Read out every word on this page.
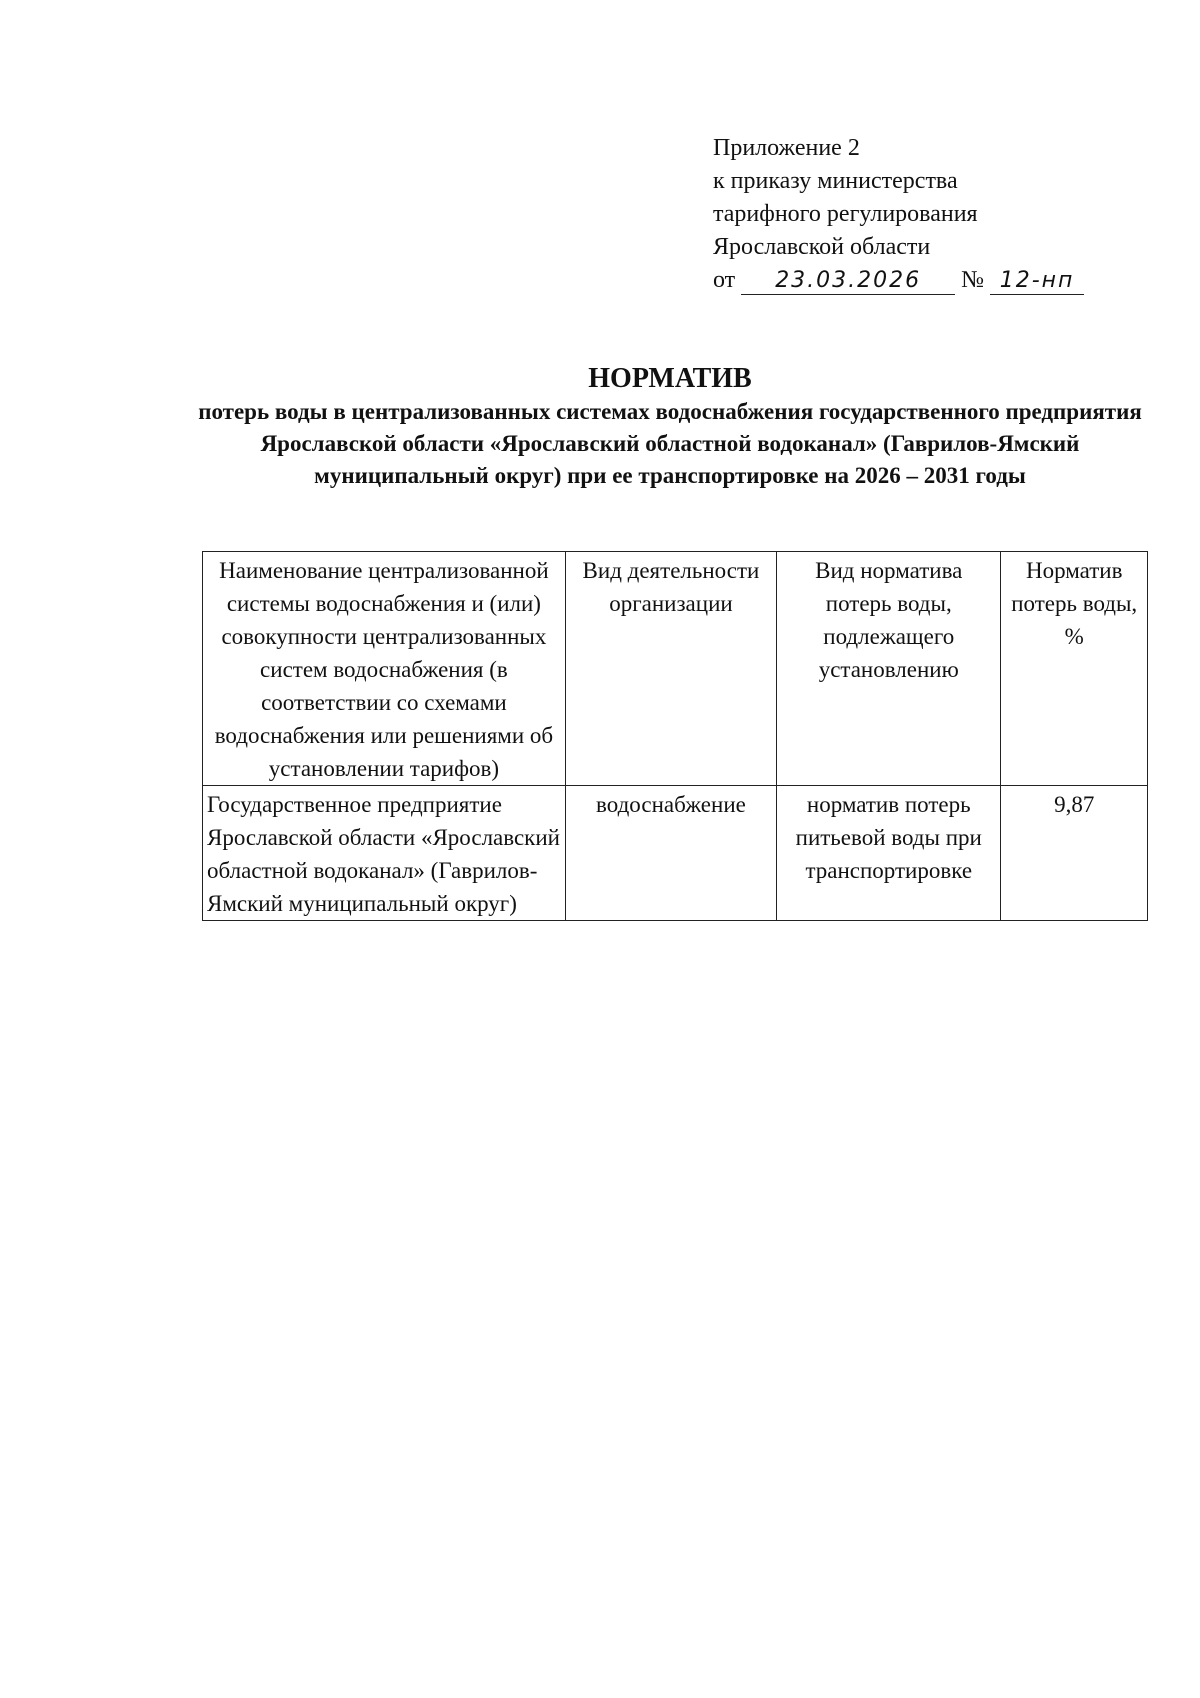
Приложение 2
к приказу министерства
тарифного регулирования
Ярославской области
от 23.03.2026 № 12-нп
НОРМАТИВ
потерь воды в централизованных системах водоснабжения государственного предприятия Ярославской области «Ярославский областной водоканал» (Гаврилов-Ямский муниципальный округ) при ее транспортировке на 2026 – 2031 годы
Наименование централизованной системы водоснабжения и (или) совокупности централизованных систем водоснабжения (в соответствии со схемами водоснабжения или решениями об установлении тарифов)	Вид деятельности организации	Вид норматива потерь воды, подлежащего установлению	Норматив потерь воды, %
Государственное предприятие Ярославской области «Ярославский областной водоканал» (Гаврилов-Ямский муниципальный округ)	водоснабжение	норматив потерь питьевой воды при транспортировке	9,87
